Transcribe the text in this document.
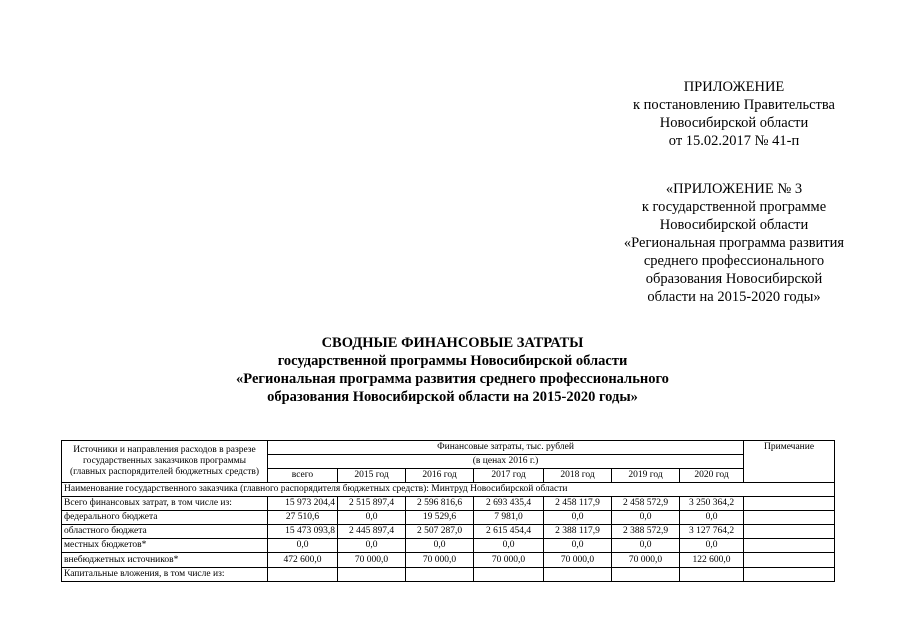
ПРИЛОЖЕНИЕ
к постановлению Правительства
Новосибирской области
от 15.02.2017 № 41-п
«ПРИЛОЖЕНИЕ № 3
к государственной программе
Новосибирской области
«Региональная программа развития
среднего профессионального
образования Новосибирской
области на 2015-2020 годы»
СВОДНЫЕ ФИНАНСОВЫЕ ЗАТРАТЫ
государственной программы Новосибирской области
«Региональная программа развития среднего профессионального
образования Новосибирской области на 2015-2020 годы»
Источники и направления расходов в разрезе государственных заказчиков программы (главных распорядителей бюджетных средств)	Финансовые затраты, тыс. рублей							Примечание
	(в ценах 2016 г.)							
	всего	2015 год	2016 год	2017 год	2018 год	2019 год	2020 год	
Наименование государственного заказчика (главного распорядителя бюджетных средств): Минтруд Новосибирской области								
Всего финансовых затрат, в том числе из:	15 973 204,4	2 515 897,4	2 596 816,6	2 693 435,4	2 458 117,9	2 458 572,9	3 250 364,2	
федерального бюджета	27 510,6	0,0	19 529,6	7 981,0	0,0	0,0	0,0	
областного бюджета	15 473 093,8	2 445 897,4	2 507 287,0	2 615 454,4	2 388 117,9	2 388 572,9	3 127 764,2	
местных бюджетов*	0,0	0,0	0,0	0,0	0,0	0,0	0,0	
внебюджетных источников*	472 600,0	70 000,0	70 000,0	70 000,0	70 000,0	70 000,0	122 600,0	
Капитальные вложения, в том числе из:								
